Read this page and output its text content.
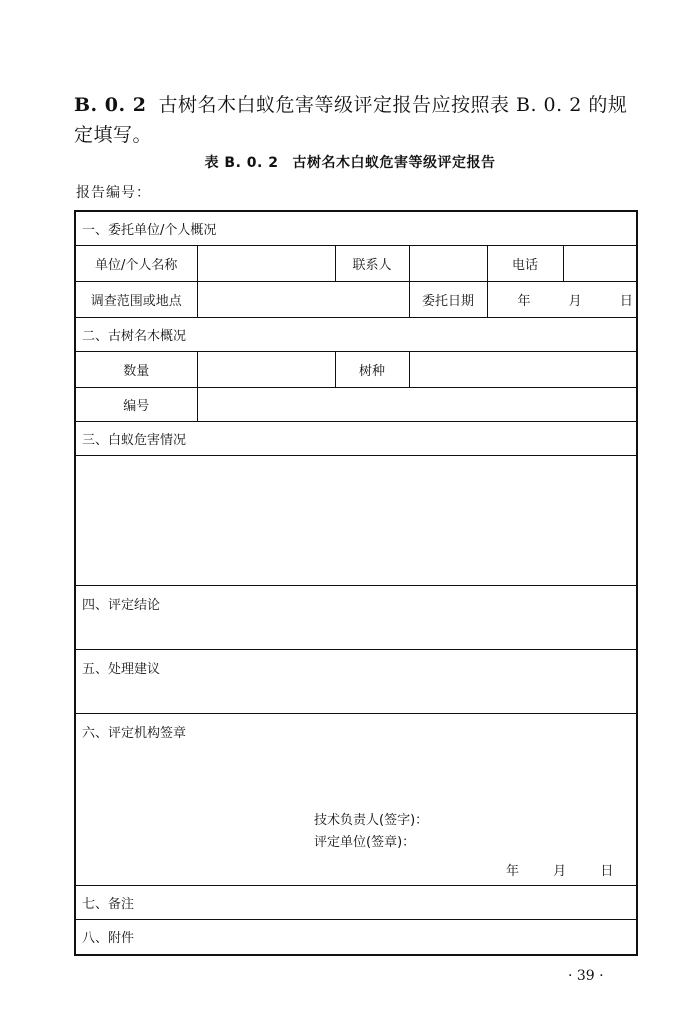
B. 0. 2 古树名木白蚁危害等级评定报告应按照表 B. 0. 2 的规定填写。
表 B. 0. 2 古树名木白蚁危害等级评定报告
报告编号：
一、委托单位/个人概况					
单位/个人名称		联系人		电话	
调查范围或地点			委托日期	年 月 日	
二、古树名木概况					
数量		树种			
编号					
三、白蚁危害情况					

四、评定结论					
五、处理建议					

六、评定机构签章
技术负责人(签字)：
评定单位(签章)：
年 月 日					

七、备注					
八、附件					
· 39 ·
